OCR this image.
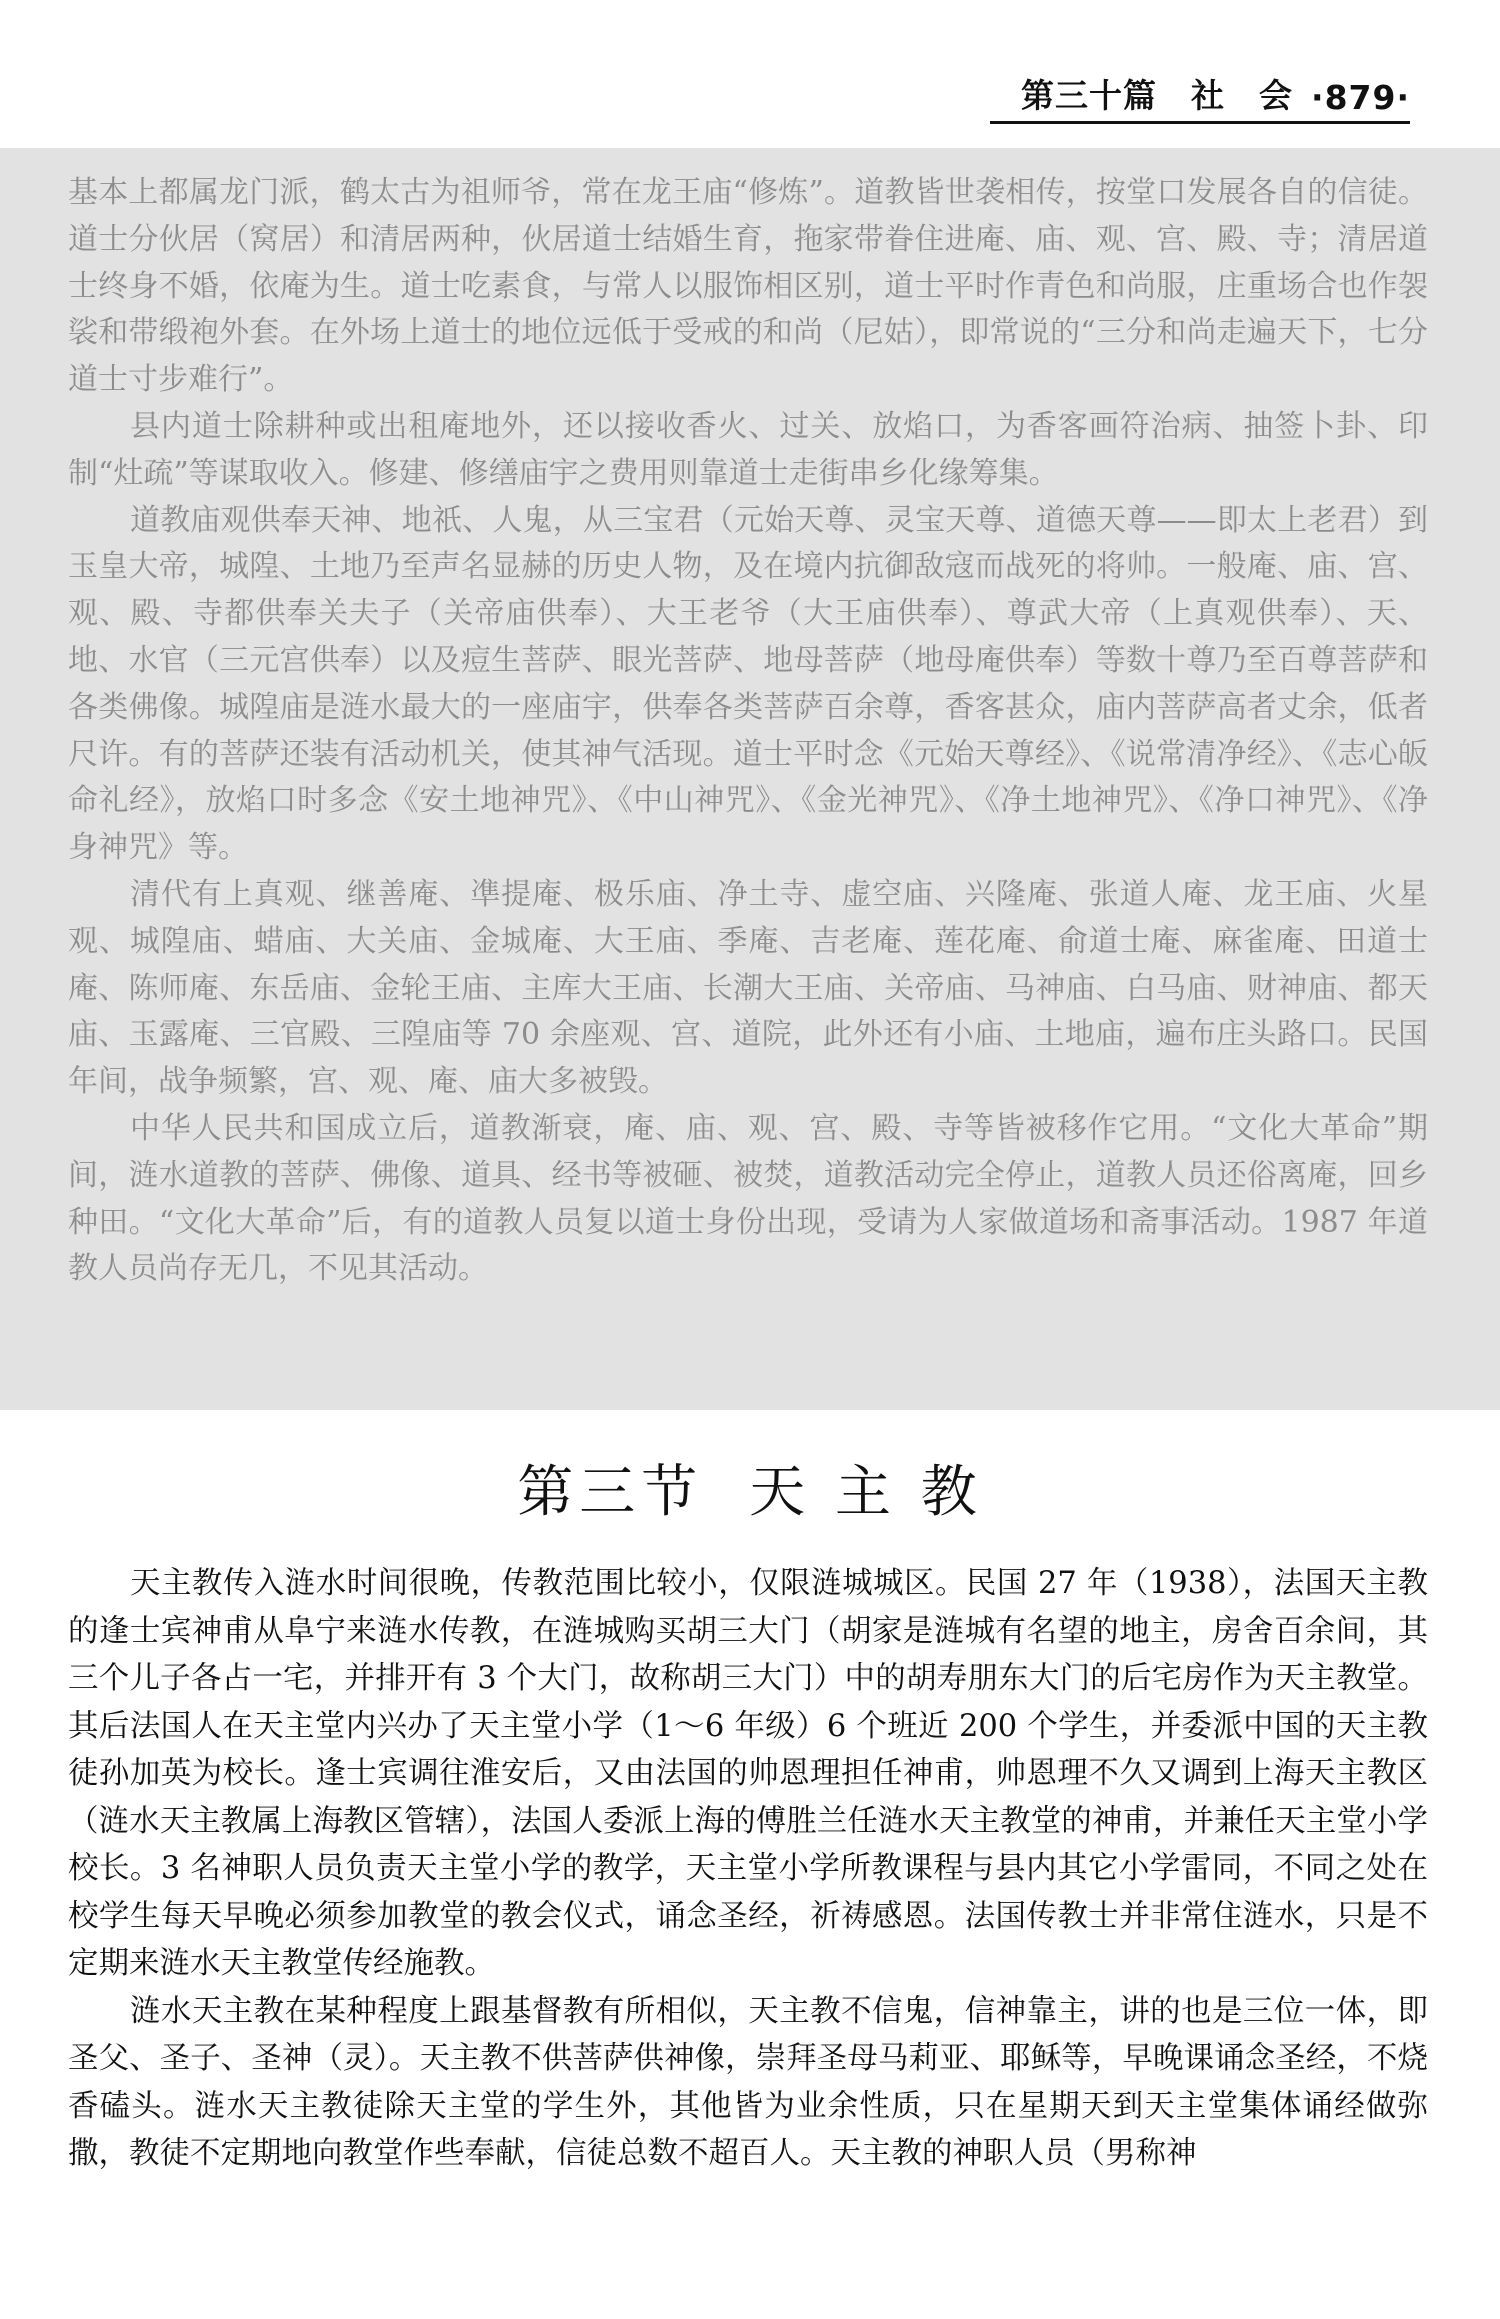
第三十篇　社　会 ·879·

基本上都属龙门派，鹤太古为祖师爷，常在龙王庙“修炼”。道教皆世袭相传，按堂口发展各自的信徒。道士分伙居（窝居）和清居两种，伙居道士结婚生育，拖家带眷住进庵、庙、观、宫、殿、寺；清居道士终身不婚，依庵为生。道士吃素食，与常人以服饰相区别，道士平时作青色和尚服，庄重场合也作袈裟和带缎袍外套。在外场上道士的地位远低于受戒的和尚（尼姑），即常说的“三分和尚走遍天下，七分道士寸步难行”。

县内道士除耕种或出租庵地外，还以接收香火、过关、放焰口，为香客画符治病、抽签卜卦、印制“灶疏”等谋取收入。修建、修缮庙宇之费用则靠道士走街串乡化缘筹集。

道教庙观供奉天神、地祇、人鬼，从三宝君（元始天尊、灵宝天尊、道德天尊——即太上老君）到玉皇大帝，城隍、土地乃至声名显赫的历史人物，及在境内抗御敌寇而战死的将帅。一般庵、庙、宫、观、殿、寺都供奉关夫子（关帝庙供奉）、大王老爷（大王庙供奉）、尊武大帝（上真观供奉）、天、地、水官（三元宫供奉）以及痘生菩萨、眼光菩萨、地母菩萨（地母庵供奉）等数十尊乃至百尊菩萨和各类佛像。城隍庙是涟水最大的一座庙宇，供奉各类菩萨百余尊，香客甚众，庙内菩萨高者丈余，低者尺许。有的菩萨还装有活动机关，使其神气活现。道士平时念《元始天尊经》、《说常清净经》、《志心皈命礼经》，放焰口时多念《安土地神咒》、《中山神咒》、《金光神咒》、《净土地神咒》、《净口神咒》、《净身神咒》等。

清代有上真观、继善庵、凖提庵、极乐庙、净土寺、虚空庙、兴隆庵、张道人庵、龙王庙、火星观、城隍庙、蜡庙、大关庙、金城庵、大王庙、季庵、吉老庵、莲花庵、俞道士庵、麻雀庵、田道士庵、陈师庵、东岳庙、金轮王庙、主库大王庙、长潮大王庙、关帝庙、马神庙、白马庙、财神庙、都天庙、玉露庵、三官殿、三隍庙等 70 余座观、宫、道院，此外还有小庙、土地庙，遍布庄头路口。民国年间，战争频繁，宫、观、庵、庙大多被毁。

中华人民共和国成立后，道教渐衰，庵、庙、观、宫、殿、寺等皆被移作它用。“文化大革命”期间，涟水道教的菩萨、佛像、道具、经书等被砸、被焚，道教活动完全停止，道教人员还俗离庵，回乡种田。“文化大革命”后，有的道教人员复以道士身份出现，受请为人家做道场和斋事活动。1987 年道教人员尚存无几，不见其活动。

第三节 天 主 教

天主教传入涟水时间很晚，传教范围比较小，仅限涟城城区。民国 27 年（1938），法国天主教的逢士宾神甫从阜宁来涟水传教，在涟城购买胡三大门（胡家是涟城有名望的地主，房舍百余间，其三个儿子各占一宅，并排开有 3 个大门，故称胡三大门）中的胡寿朋东大门的后宅房作为天主教堂。其后法国人在天主堂内兴办了天主堂小学（1～6 年级）6 个班近 200 个学生，并委派中国的天主教徒孙加英为校长。逢士宾调往淮安后，又由法国的帅恩理担任神甫，帅恩理不久又调到上海天主教区（涟水天主教属上海教区管辖），法国人委派上海的傅胜兰任涟水天主教堂的神甫，并兼任天主堂小学校长。3 名神职人员负责天主堂小学的教学，天主堂小学所教课程与县内其它小学雷同，不同之处在校学生每天早晚必须参加教堂的教会仪式，诵念圣经，祈祷感恩。法国传教士并非常住涟水，只是不定期来涟水天主教堂传经施教。

涟水天主教在某种程度上跟基督教有所相似，天主教不信鬼，信神靠主，讲的也是三位一体，即圣父、圣子、圣神（灵）。天主教不供菩萨供神像，崇拜圣母马莉亚、耶稣等，早晚课诵念圣经，不烧香磕头。涟水天主教徒除天主堂的学生外，其他皆为业余性质，只在星期天到天主堂集体诵经做弥撒，教徒不定期地向教堂作些奉献，信徒总数不超百人。天主教的神职人员（男称神
